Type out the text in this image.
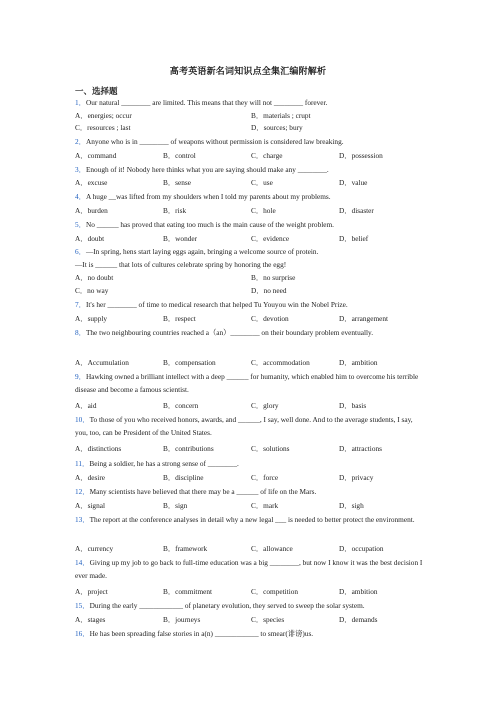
高考英语新名词知识点全集汇编附解析
一、选择题
1．Our natural ________ are limited. This means that they will not ________ forever.
A．energies; occur	B．materials ; crupt
C．resources ; last	D．sources; bury
2．Anyone who is in ________ of weapons without permission is considered law breaking.
A．command	B．control	C．charge	D．possession
3．Enough of it! Nobody here thinks what you are saying should make any ________.
A．excuse	B．sense	C．use	D．value
4．A huge __was lifted from my shoulders when I told my parents about my problems.
A．burden	B．risk	C．hole	D．disaster
5．No ______ has proved that eating too much is the main cause of the weight problem.
A．doubt	B．wonder	C．evidence	D．belief
6．—In spring, hens start laying eggs again, bringing a welcome source of protein.
—It is ______ that lots of cultures celebrate spring by honoring the egg!
A．no doubt	B．no surprise
C．no way	D．no need
7．It's her ________ of time to medical research that helped Tu Youyou win the Nobel Prize.
A．supply	B．respect	C．devotion	D．arrangement
8．The two neighbouring countries reached a（an）________ on their boundary problem eventually.
A．Accumulation	B．compensation	C．accommodation	D．ambition
9．Hawking owned a brilliant intellect with a deep ______ for humanity, which enabled him to overcome his terrible disease and become a famous scientist.
A．aid	B．concern	C．glory	D．basis
10．To those of you who received honors, awards, and ______, I say, well done. And to the average students, I say, you, too, can be President of the United States.
A．distinctions	B．contributions	C．solutions	D．attractions
11．Being a soldier, he has a strong sense of ________.
A．desire	B．discipline	C．force	D．privacy
12．Many scientists have believed that there may be a ______ of life on the Mars.
A．signal	B．sign	C．mark	D．sigh
13．The report at the conference analyses in detail why a new legal ___ is needed to better protect the environment.
A．currency	B．framework	C．allowance	D．occupation
14．Giving up my job to go back to full-time education was a big ________, but now I know it was the best decision I ever made.
A．project	B．commitment	C．competition	D．ambition
15．During the early ____________ of planetary evolution, they served to sweep the solar system.
A．stages	B．journeys	C．species	D．demands
16．He has been spreading false stories in a(n) ____________ to smear(诽谤)us.
